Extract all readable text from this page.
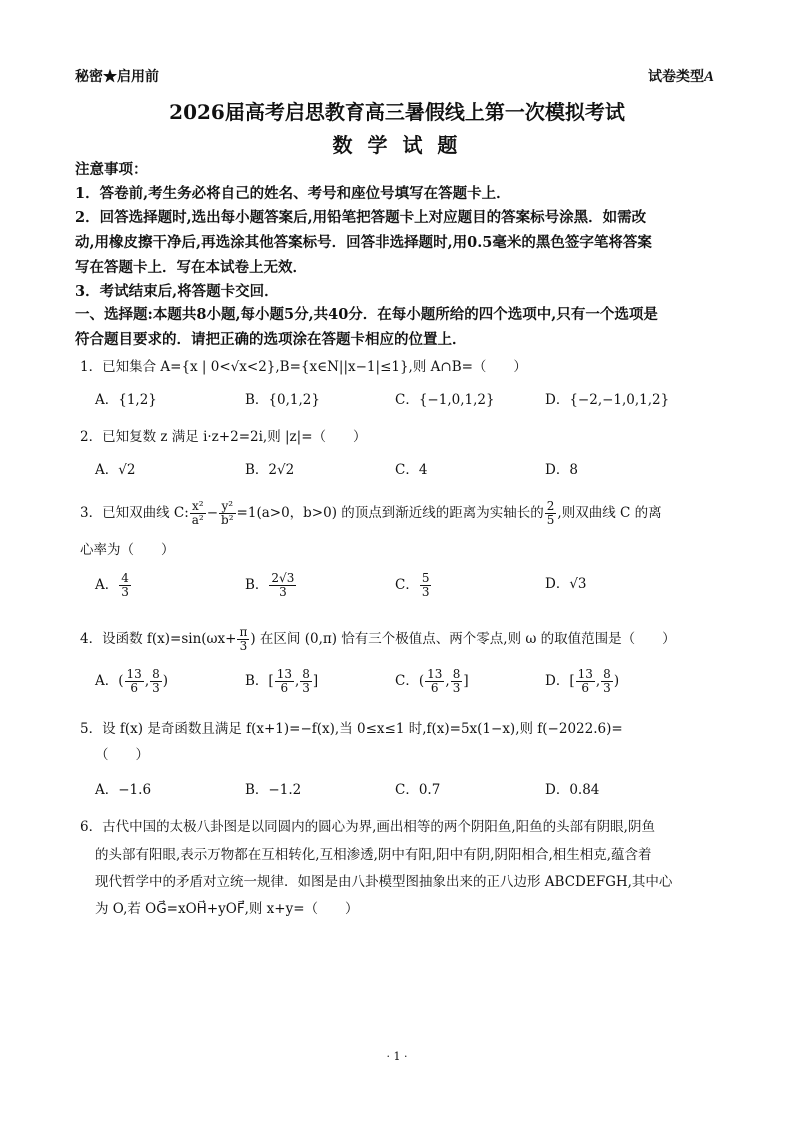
秘密★启用前	试卷类型A
2026届高考启思教育高三暑假线上第一次模拟考试
数 学 试 题
注意事项：
1．答卷前,考生务必将自己的姓名、考号和座位号填写在答题卡上．
2．回答选择题时,选出每小题答案后,用铅笔把答题卡上对应题目的答案标号涂黑．如需改
动,用橡皮擦干净后,再选涂其他答案标号．回答非选择题时,用0.5毫米的黑色签字笔将答案
写在答题卡上．写在本试卷上无效．
3．考试结束后,将答题卡交回．
一、选择题:本题共8小题,每小题5分,共40分．在每小题所给的四个选项中,只有一个选项是
符合题目要求的．请把正确的选项涂在答题卡相应的位置上．
1．已知集合 A={x | 0<√x<2},B={x∈N||x−1|≤1},则 A∩B=（　　）
A．{1,2}	B．{0,1,2}	C．{−1,0,1,2}	D．{−2,−1,0,1,2}
2．已知复数 z 满足 i·z+2=2i,则 |z|=（　　）
A．√2	B．2√2	C．4	D．8
3．已知双曲线 C: $\frac{\text{x²}}{\text{a²}} - \frac{\text{y²}}{\text{b²}} =1(a>0$，b>0) 的顶点到渐近线的距离为实轴长的 $\frac{2}{5}$ ,则双曲线 C 的离
心率为（　　）
A． $\frac{4}{3}$	B． $\frac{2√3}{3}$	C． $\frac{5}{3}$	D．√3
4．设函数 $f(x)=\sin(\omega x+ \frac{\pi}{3}$ ) 在区间 (0,π) 恰有三个极值点、两个零点,则 ω 的取值范围是（　　）
A．( $\frac{13}{6}$ , $\frac{8}{3}$ )	B．[ $\frac{13}{6}$ , $\frac{8}{3}$ ]	C．( $\frac{13}{6}$ , $\frac{8}{3}$ ]	D．[ $\frac{13}{6}$ , $\frac{8}{3}$ )
5．设 f(x) 是奇函数且满足 f(x+1)=−f(x),当 0≤x≤1 时,f(x)=5x(1−x),则 f(−2022.6)=
（　　）
A．−1.6	B．−1.2	C．0.7	D．0.84
6．古代中国的太极八卦图是以同圆内的圆心为界,画出相等的两个阴阳鱼,阳鱼的头部有阴眼,阴鱼
的头部有阳眼,表示万物都在互相转化,互相渗透,阴中有阳,阳中有阴,阴阳相合,相生相克,蕴含着
现代哲学中的矛盾对立统一规律．如图是由八卦模型图抽象出来的正八边形 ABCDEFGH,其中心
为 O,若 OG⃗=xOH⃗+yOF⃗,则 x+y=（　　）
· 1 ·
